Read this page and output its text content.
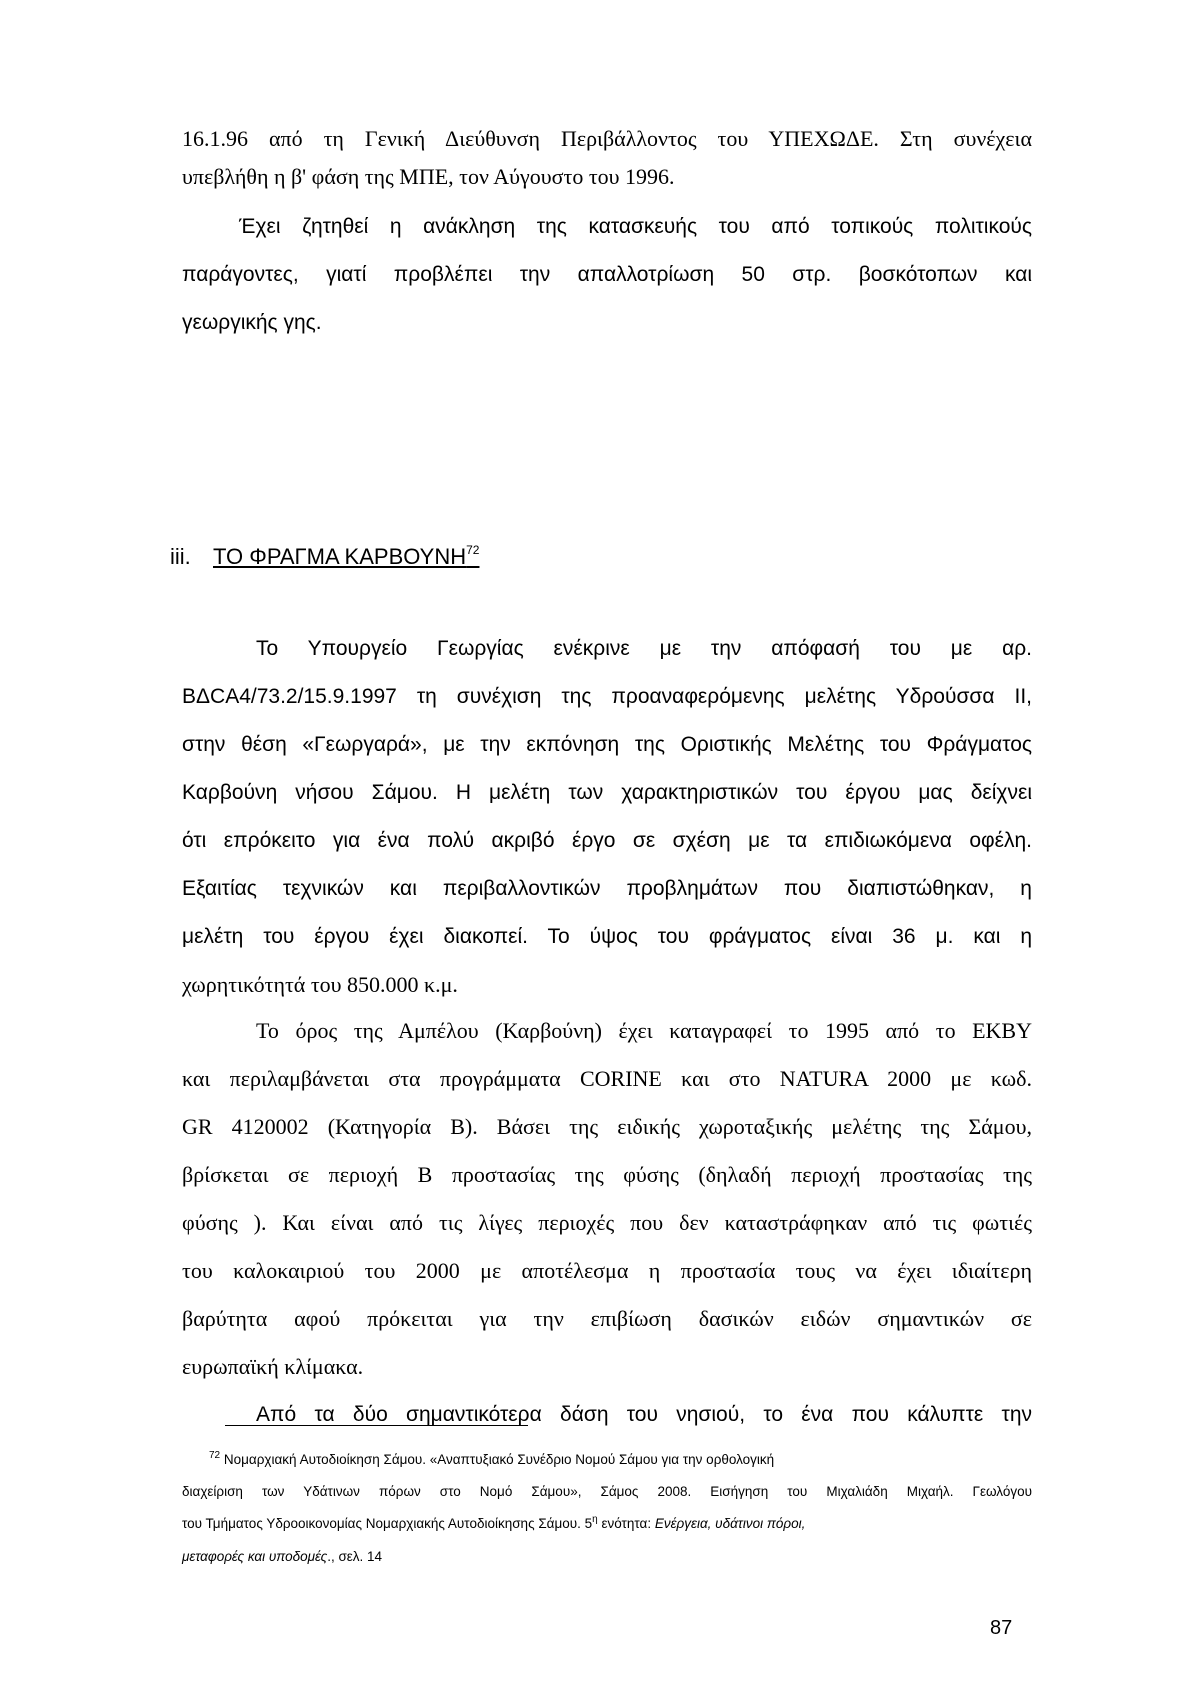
16.1.96 από τη Γενική Διεύθυνση Περιβάλλοντος του ΥΠΕΧΩΔΕ. Στη συνέχεια
υπεβλήθη η β' φάση της ΜΠΕ, τον Αύγουστο του 1996.
Έχει ζητηθεί η ανάκληση της κατασκευής του από τοπικούς πολιτικούς
παράγοντες, γιατί προβλέπει την απαλλοτρίωση 50 στρ. βοσκότοπων και
γεωργικής γης.
iii. ΤΟ ΦΡΑΓΜΑ ΚΑΡΒΟΥΝΗ$^{72}$
Το Υπουργείο Γεωργίας ενέκρινε με την απόφασή του με αρ.
ΒΔCΑ4/73.2/15.9.1997 τη συνέχιση της προαναφερόμενης μελέτης Υδρούσσα ΙΙ,
στην θέση «Γεωργαρά», με την εκπόνηση της Οριστικής Μελέτης του Φράγματος
Καρβούνη νήσου Σάμου. Η μελέτη των χαρακτηριστικών του έργου μας δείχνει
ότι επρόκειτο για ένα πολύ ακριβό έργο σε σχέση με τα επιδιωκόμενα οφέλη.
Εξαιτίας τεχνικών και περιβαλλοντικών προβλημάτων που διαπιστώθηκαν, η
μελέτη του έργου έχει διακοπεί. Το ύψος του φράγματος είναι 36 μ. και η
χωρητικότητά του 850.000 κ.μ.
Το όρος της Αμπέλου (Καρβούνη) έχει καταγραφεί το 1995 από το ΕΚΒΥ
και περιλαμβάνεται στα προγράμματα CORINE και στο NATURA 2000 με κωδ.
GR 4120002 (Κατηγορία Β). Βάσει της ειδικής χωροταξικής μελέτης της Σάμου,
βρίσκεται σε περιοχή Β προστασίας της φύσης (δηλαδή περιοχή προστασίας της
φύσης ). Και είναι από τις λίγες περιοχές που δεν καταστράφηκαν από τις φωτιές
του καλοκαιριού του 2000 με αποτέλεσμα η προστασία τους να έχει ιδιαίτερη
βαρύτητα αφού πρόκειται για την επιβίωση δασικών ειδών σημαντικών σε
ευρωπαϊκή κλίμακα.
Από τα δύο σημαντικότερα δάση του νησιού, το ένα που κάλυπτε την
$^{72}$ Νομαρχιακή Αυτοδιοίκηση Σάμου. «Αναπτυξιακό Συνέδριο Νομού Σάμου για την ορθολογική
διαχείριση των Υδάτινων πόρων στο Νομό Σάμου», Σάμος 2008. Εισήγηση του Μιχαλιάδη Μιχαήλ. Γεωλόγου
του Τμήματος Υδροοικονομίας Νομαρχιακής Αυτοδιοίκησης Σάμου. $5^\eta$ ενότητα: Ενέργεια, υδάτινοι πόροι,
μεταφορές και υποδομές., σελ. 14
87
